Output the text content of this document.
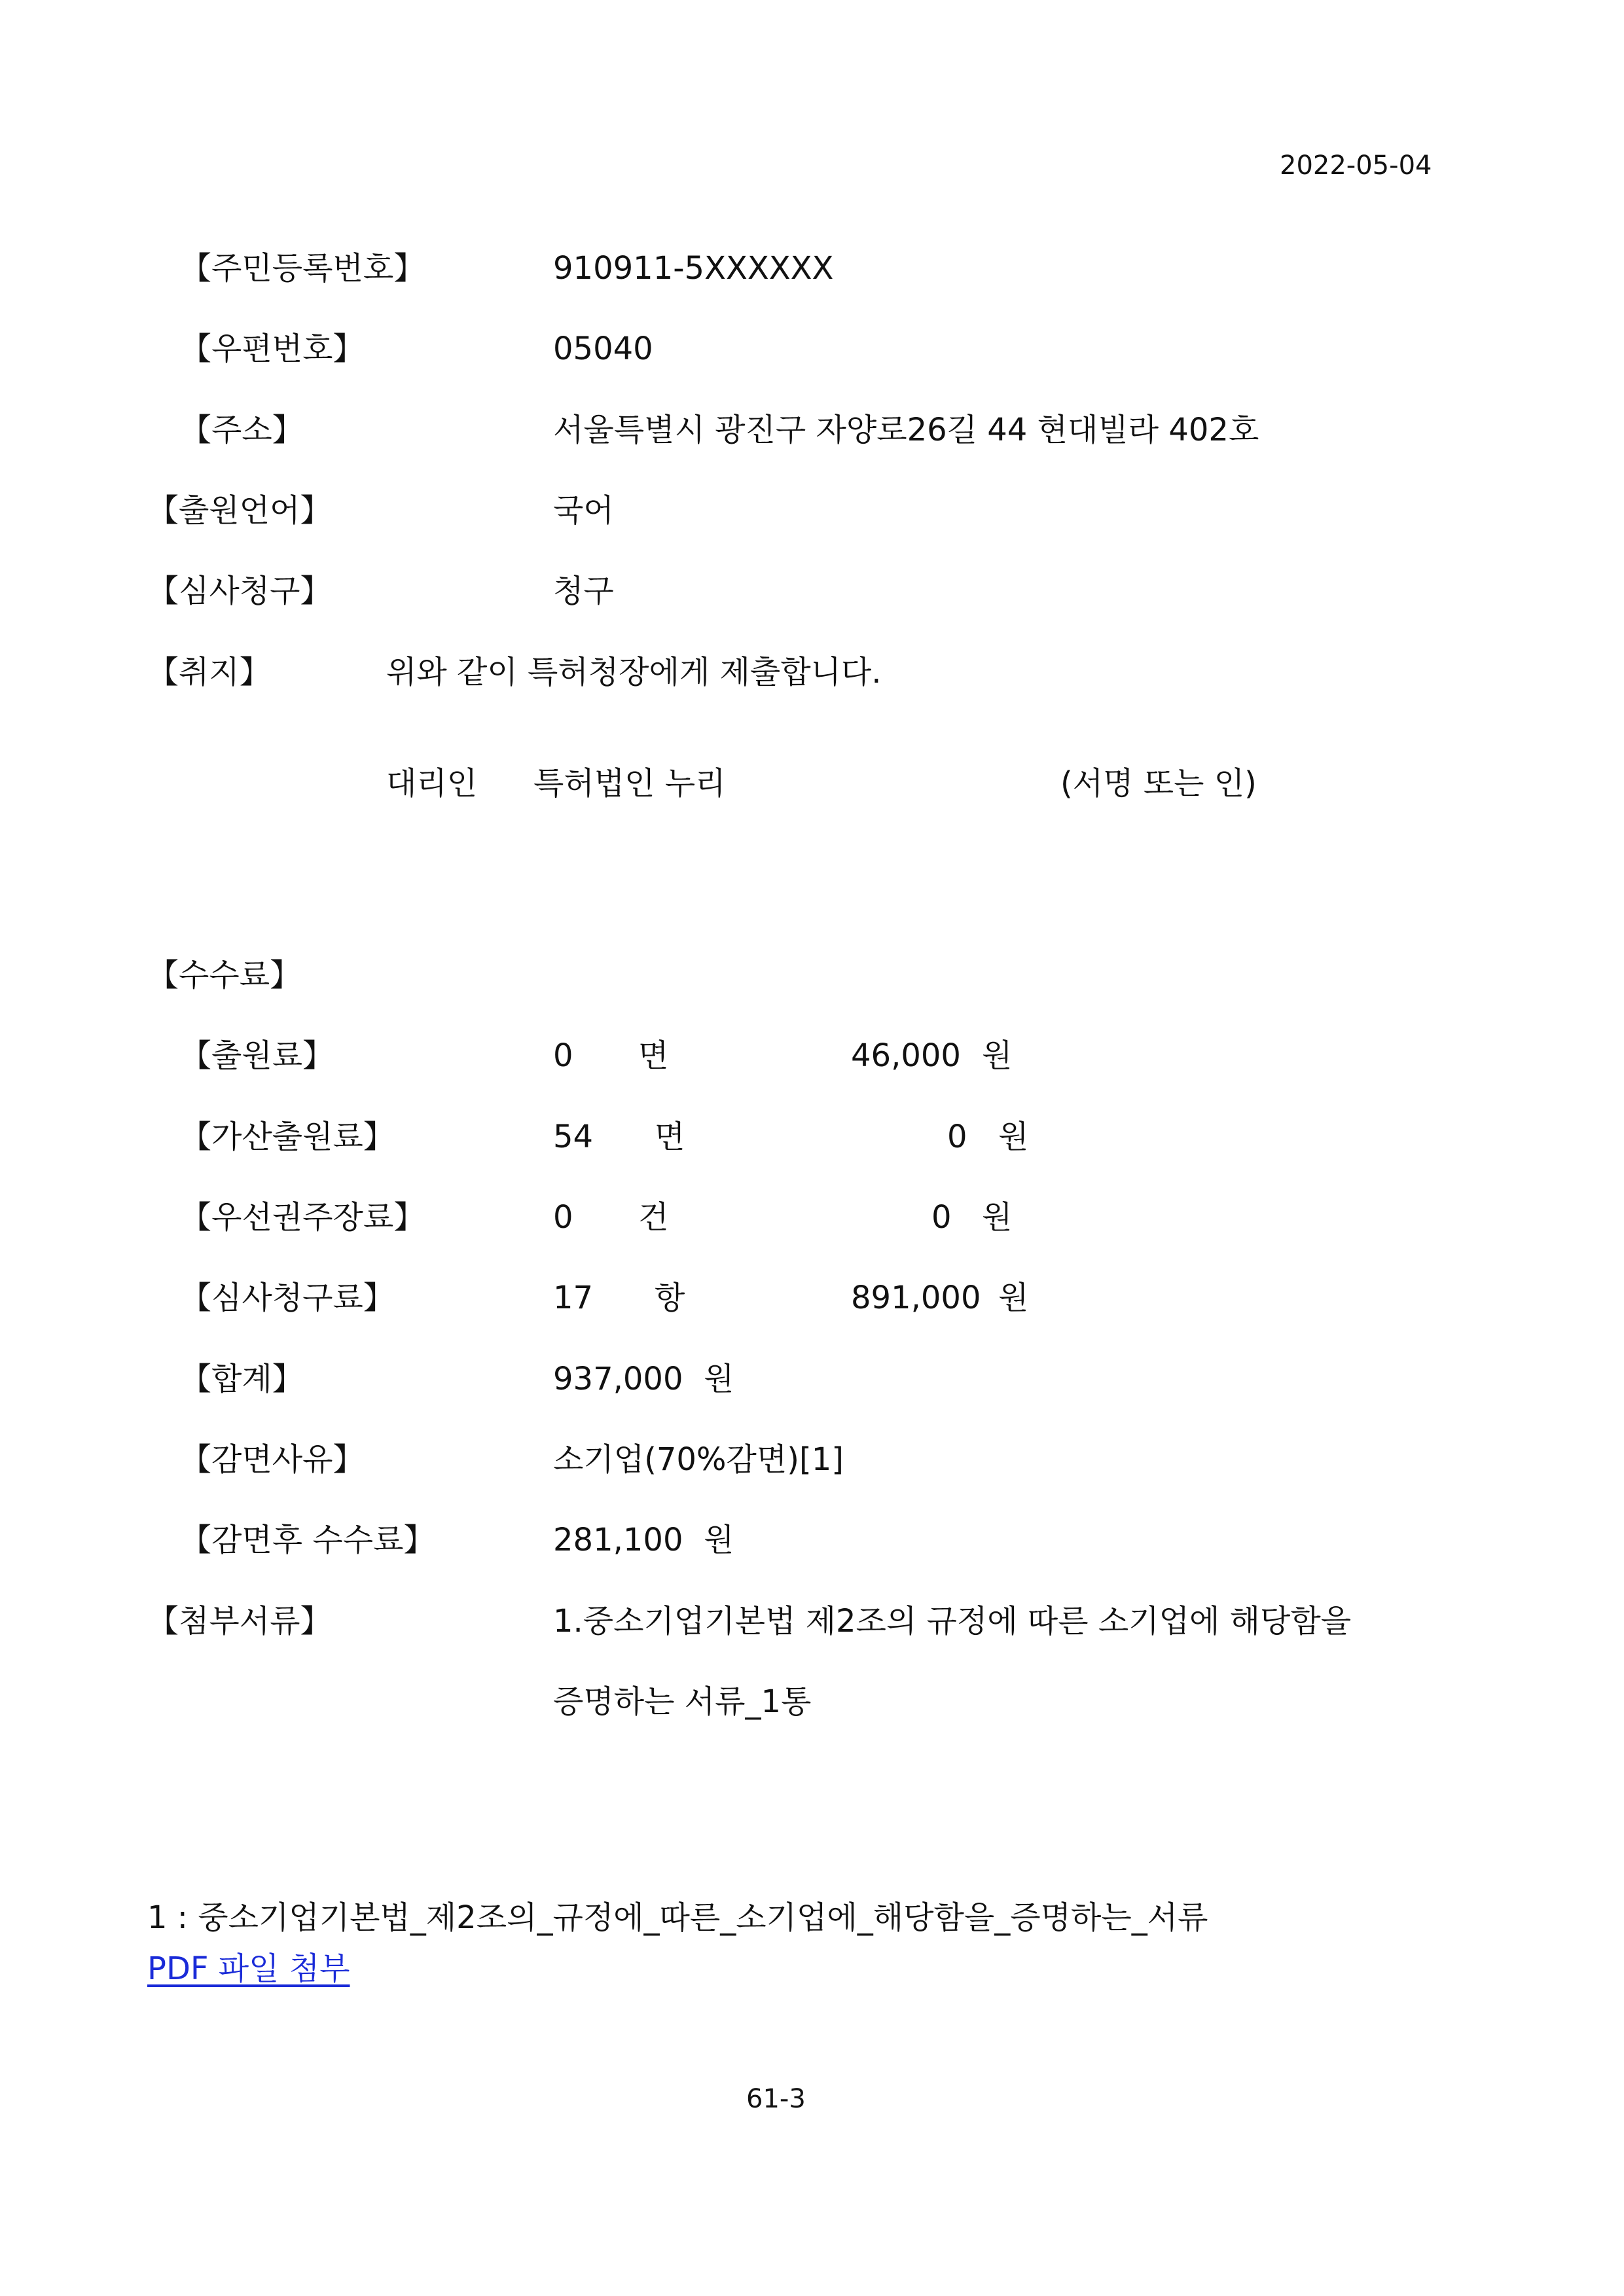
2022-05-04
【주민등록번호】	910911-5XXXXXX
【우편번호】	05040
【주소】	서울특별시 광진구 자양로26길 44 현대빌라 402호
【출원언어】	국어
【심사청구】	청구
【취지】	위와 같이 특허청장에게 제출합니다.
대리인 특허법인 누리	(서명 또는 인)
【수수료】
【출원료】	0 면	46,000 원
【가산출원료】	54 면	0 원
【우선권주장료】	0 건	0 원
【심사청구료】	17 항	891,000 원
【합계】	937,000 원
【감면사유】	소기업(70%감면)[1]
【감면후 수수료】	281,100 원
【첨부서류】	1.중소기업기본법 제2조의 규정에 따른 소기업에 해당함을
증명하는 서류_1통
1 : 중소기업기본법_제2조의_규정에_따른_소기업에_해당함을_증명하는_서류
PDF 파일 첨부
61-3
